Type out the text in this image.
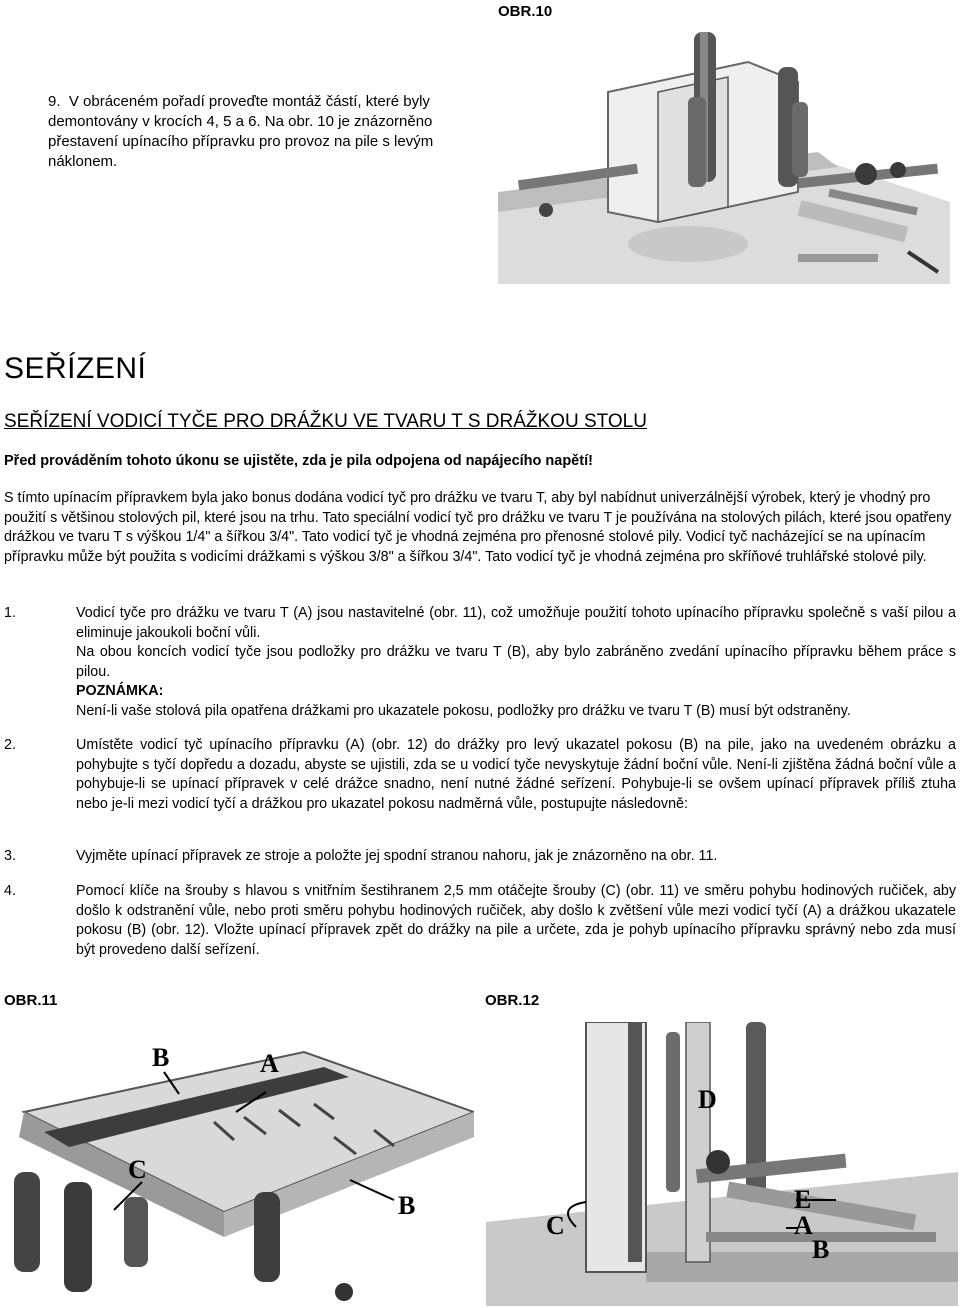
OBR.10
9.  V obráceném pořadí proveďte montáž částí, které byly demontovány v krocích 4, 5 a 6. Na obr. 10 je znázorněno přestavení upínacího přípravku pro provoz na pile s levým náklonem.
SEŘÍZENÍ
SEŘÍZENÍ VODICÍ TYČE PRO DRÁŽKU VE TVARU T S DRÁŽKOU STOLU
Před prováděním tohoto úkonu se ujistěte, zda je pila odpojena od napájecího napětí!
S tímto upínacím přípravkem byla jako bonus dodána vodicí tyč pro drážku ve tvaru T, aby byl nabídnut univerzálnější výrobek, který je vhodný pro použití s většinou stolových pil, které jsou na trhu. Tato speciální vodicí tyč pro drážku ve tvaru T je používána na stolových pilách, které jsou opatřeny drážkou ve tvaru T s výškou 1/4" a šířkou 3/4". Tato vodicí tyč je vhodná zejména pro přenosné stolové pily. Vodicí tyč nacházející se na upínacím přípravku může být použita s vodicími drážkami s výškou 3/8" a šířkou 3/4". Tato vodicí tyč je vhodná zejména pro skříňové truhlářské stolové pily.
1.	Vodicí tyče pro drážku ve tvaru T (A) jsou nastavitelné (obr. 11), což umožňuje použití tohoto upínacího přípravku společně s vaší pilou a eliminuje jakoukoli boční vůli.

Na obou koncích vodicí tyče jsou podložky pro drážku ve tvaru T (B), aby bylo zabráněno zvedání upínacího přípravku během práce s pilou.

POZNÁMKA:

Není-li vaše stolová pila opatřena drážkami pro ukazatele pokosu, podložky pro drážku ve tvaru T (B) musí být odstraněny.

2.	Umístěte vodicí tyč upínacího přípravku (A) (obr. 12) do drážky pro levý ukazatel pokosu (B) na pile, jako na uvedeném obrázku a pohybujte s tyčí dopředu a dozadu, abyste se ujistili, zda se u vodicí tyče nevyskytuje žádní boční vůle. Není-li zjištěna žádná boční vůle a pohybuje-li se upínací přípravek v celé drážce snadno, není nutné žádné seřízení. Pohybuje-li se ovšem upínací přípravek příliš ztuha nebo je-li mezi vodicí tyčí a drážkou pro ukazatel pokosu nadměrná vůle, postupujte následovně:

3.	Vyjměte upínací přípravek ze stroje a položte jej spodní stranou nahoru, jak je znázorněno na obr. 11.

4.	Pomocí klíče na šrouby s hlavou s vnitřním šestihranem 2,5 mm otáčejte šrouby (C) (obr. 11) ve směru pohybu hodinových ručiček, aby došlo k odstranění vůle, nebo proti směru pohybu hodinových ručiček, aby došlo k zvětšení vůle mezi vodicí tyčí (A) a drážkou ukazatele pokosu (B) (obr. 12). Vložte upínací přípravek zpět do drážky na pile a určete, zda je pohyb upínacího přípravku správný nebo zda musí být provedeno další seřízení.

OBR.11	OBR.12
B	A
C
B
D
E
A
B
C
